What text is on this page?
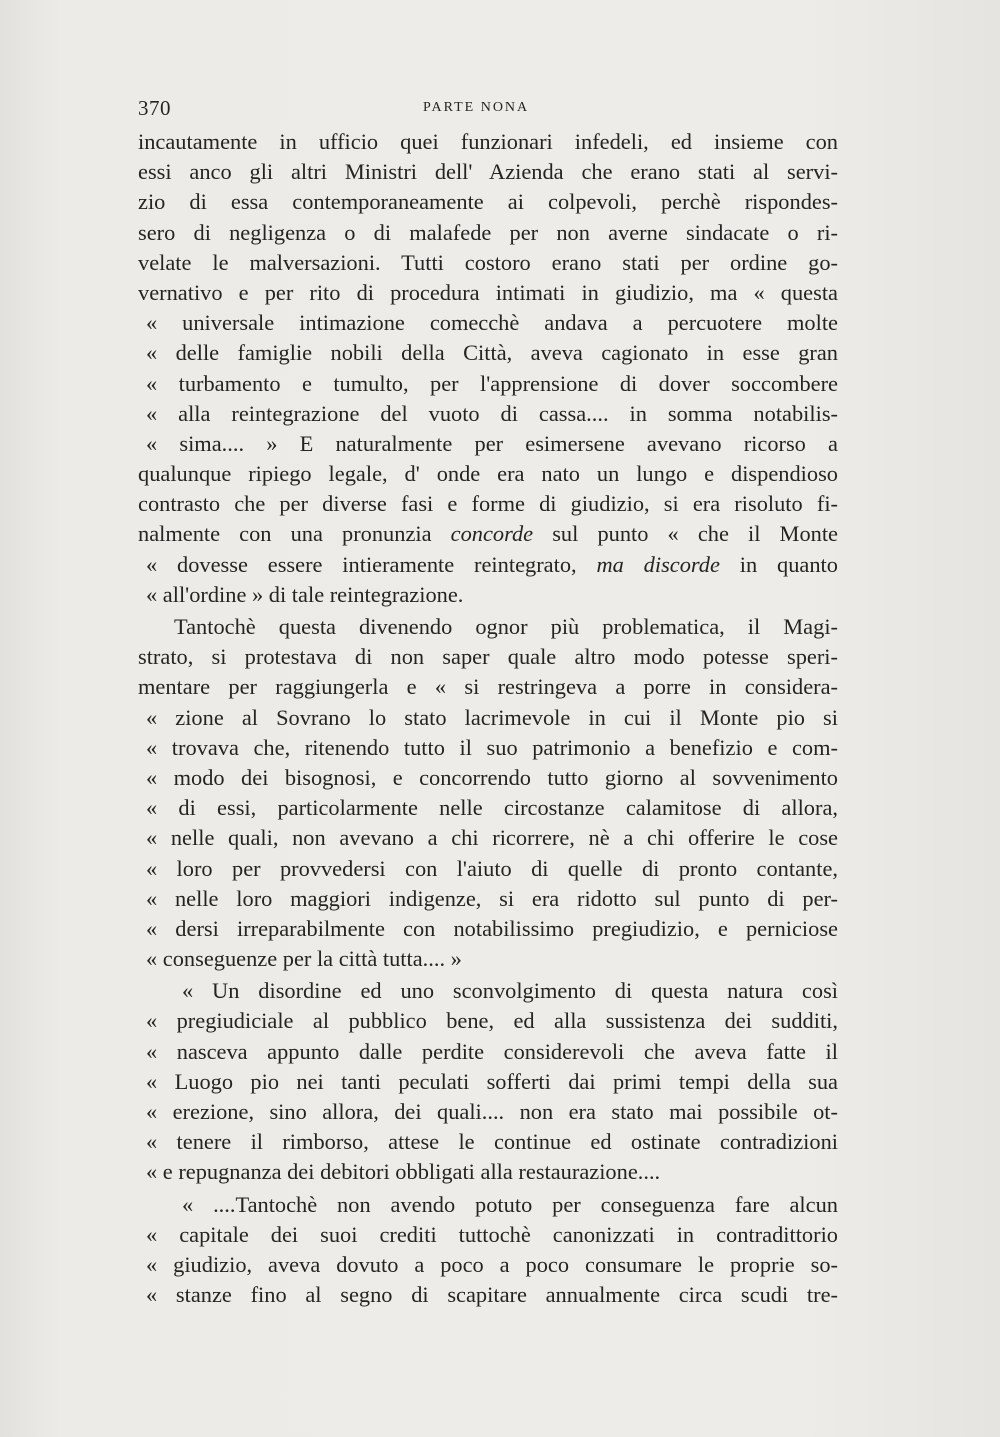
370	PARTE NONA
incautamente in ufficio quei funzionari infedeli, ed insieme con
essi anco gli altri Ministri dell' Azienda che erano stati al servi-
zio di essa contemporaneamente ai colpevoli, perchè rispondes-
sero di negligenza o di malafede per non averne sindacate o ri-
velate le malversazioni. Tutti costoro erano stati per ordine go-
vernativo e per rito di procedura intimati in giudizio, ma « questa
« universale intimazione comecchè andava a percuotere molte
« delle famiglie nobili della Città, aveva cagionato in esse gran
« turbamento e tumulto, per l'apprensione di dover soccombere
« alla reintegrazione del vuoto di cassa.... in somma notabilis-
« sima.... » E naturalmente per esimersene avevano ricorso a
qualunque ripiego legale, d' onde era nato un lungo e dispendioso
contrasto che per diverse fasi e forme di giudizio, si era risoluto fi-
nalmente con una pronunzia concorde sul punto « che il Monte
« dovesse essere intieramente reintegrato, ma discorde in quanto
« all'ordine » di tale reintegrazione.
Tantochè questa divenendo ognor più problematica, il Magi-
strato, si protestava di non saper quale altro modo potesse speri-
mentare per raggiungerla e « si restringeva a porre in considera-
« zione al Sovrano lo stato lacrimevole in cui il Monte pio si
« trovava che, ritenendo tutto il suo patrimonio a benefizio e com-
« modo dei bisognosi, e concorrendo tutto giorno al sovvenimento
« di essi, particolarmente nelle circostanze calamitose di allora,
« nelle quali, non avevano a chi ricorrere, nè a chi offerire le cose
« loro per provvedersi con l'aiuto di quelle di pronto contante,
« nelle loro maggiori indigenze, si era ridotto sul punto di per-
« dersi irreparabilmente con notabilissimo pregiudizio, e perniciose
« conseguenze per la città tutta.... »
« Un disordine ed uno sconvolgimento di questa natura così
« pregiudiciale al pubblico bene, ed alla sussistenza dei sudditi,
« nasceva appunto dalle perdite considerevoli che aveva fatte il
« Luogo pio nei tanti peculati sofferti dai primi tempi della sua
« erezione, sino allora, dei quali.... non era stato mai possibile ot-
« tenere il rimborso, attese le continue ed ostinate contradizioni
« e repugnanza dei debitori obbligati alla restaurazione....
« ....Tantochè non avendo potuto per conseguenza fare alcun
« capitale dei suoi crediti tuttochè canonizzati in contradittorio
« giudizio, aveva dovuto a poco a poco consumare le proprie so-
« stanze fino al segno di scapitare annualmente circa scudi tre-
